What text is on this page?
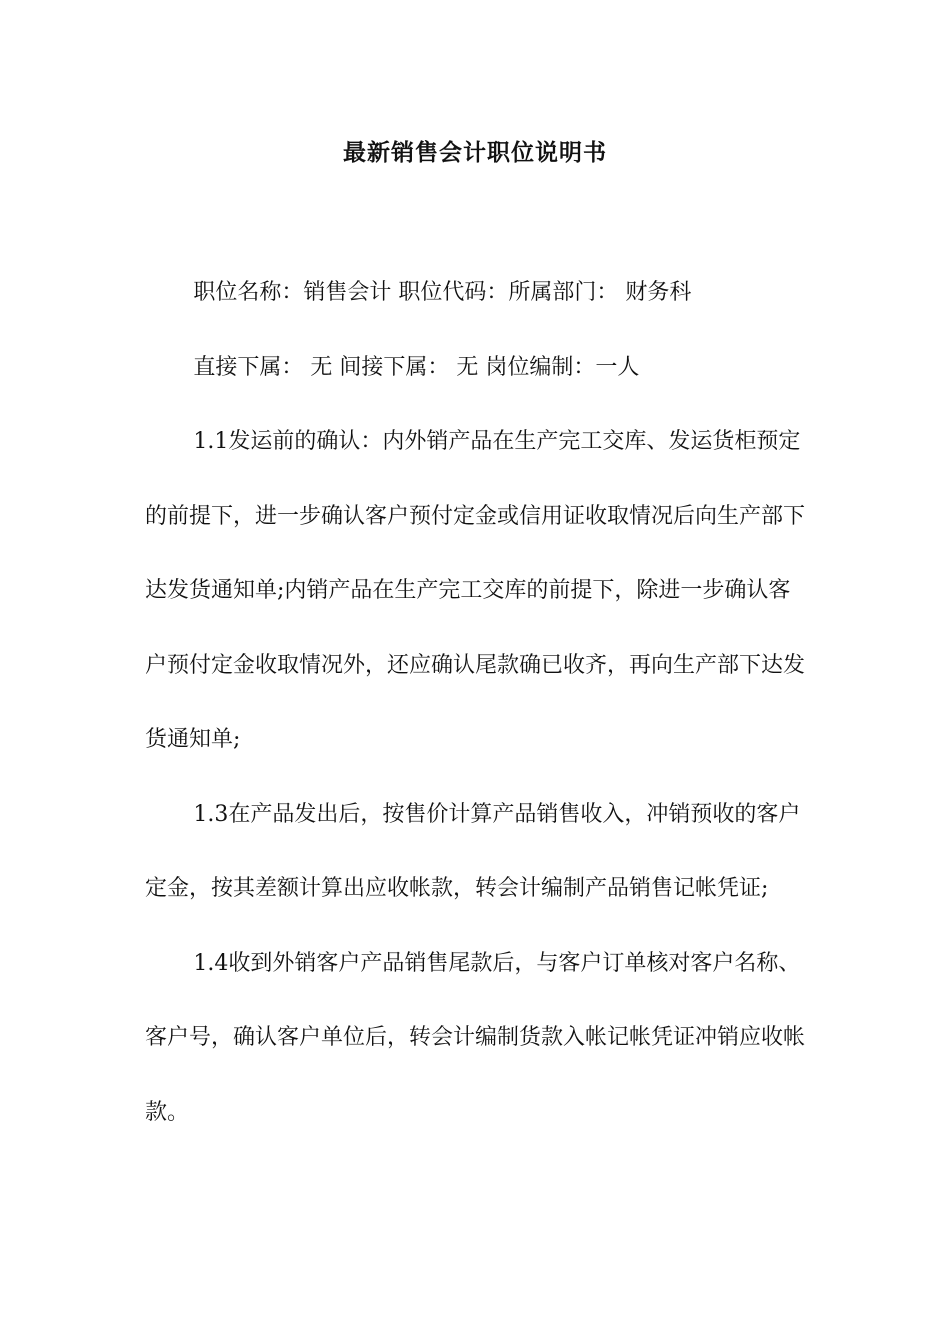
最新销售会计职位说明书

职位名称：销售会计 职位代码：所属部门： 财务科

直接下属： 无 间接下属： 无 岗位编制：一人

1.1发运前的确认：内外销产品在生产完工交库、发运货柜预定的前提下，进一步确认客户预付定金或信用证收取情况后向生产部下达发货通知单;内销产品在生产完工交库的前提下，除进一步确认客户预付定金收取情况外，还应确认尾款确已收齐，再向生产部下达发货通知单;

1.3在产品发出后，按售价计算产品销售收入，冲销预收的客户定金，按其差额计算出应收帐款，转会计编制产品销售记帐凭证;

1.4收到外销客户产品销售尾款后，与客户订单核对客户名称、客户号，确认客户单位后，转会计编制货款入帐记帐凭证冲销应收帐款。
